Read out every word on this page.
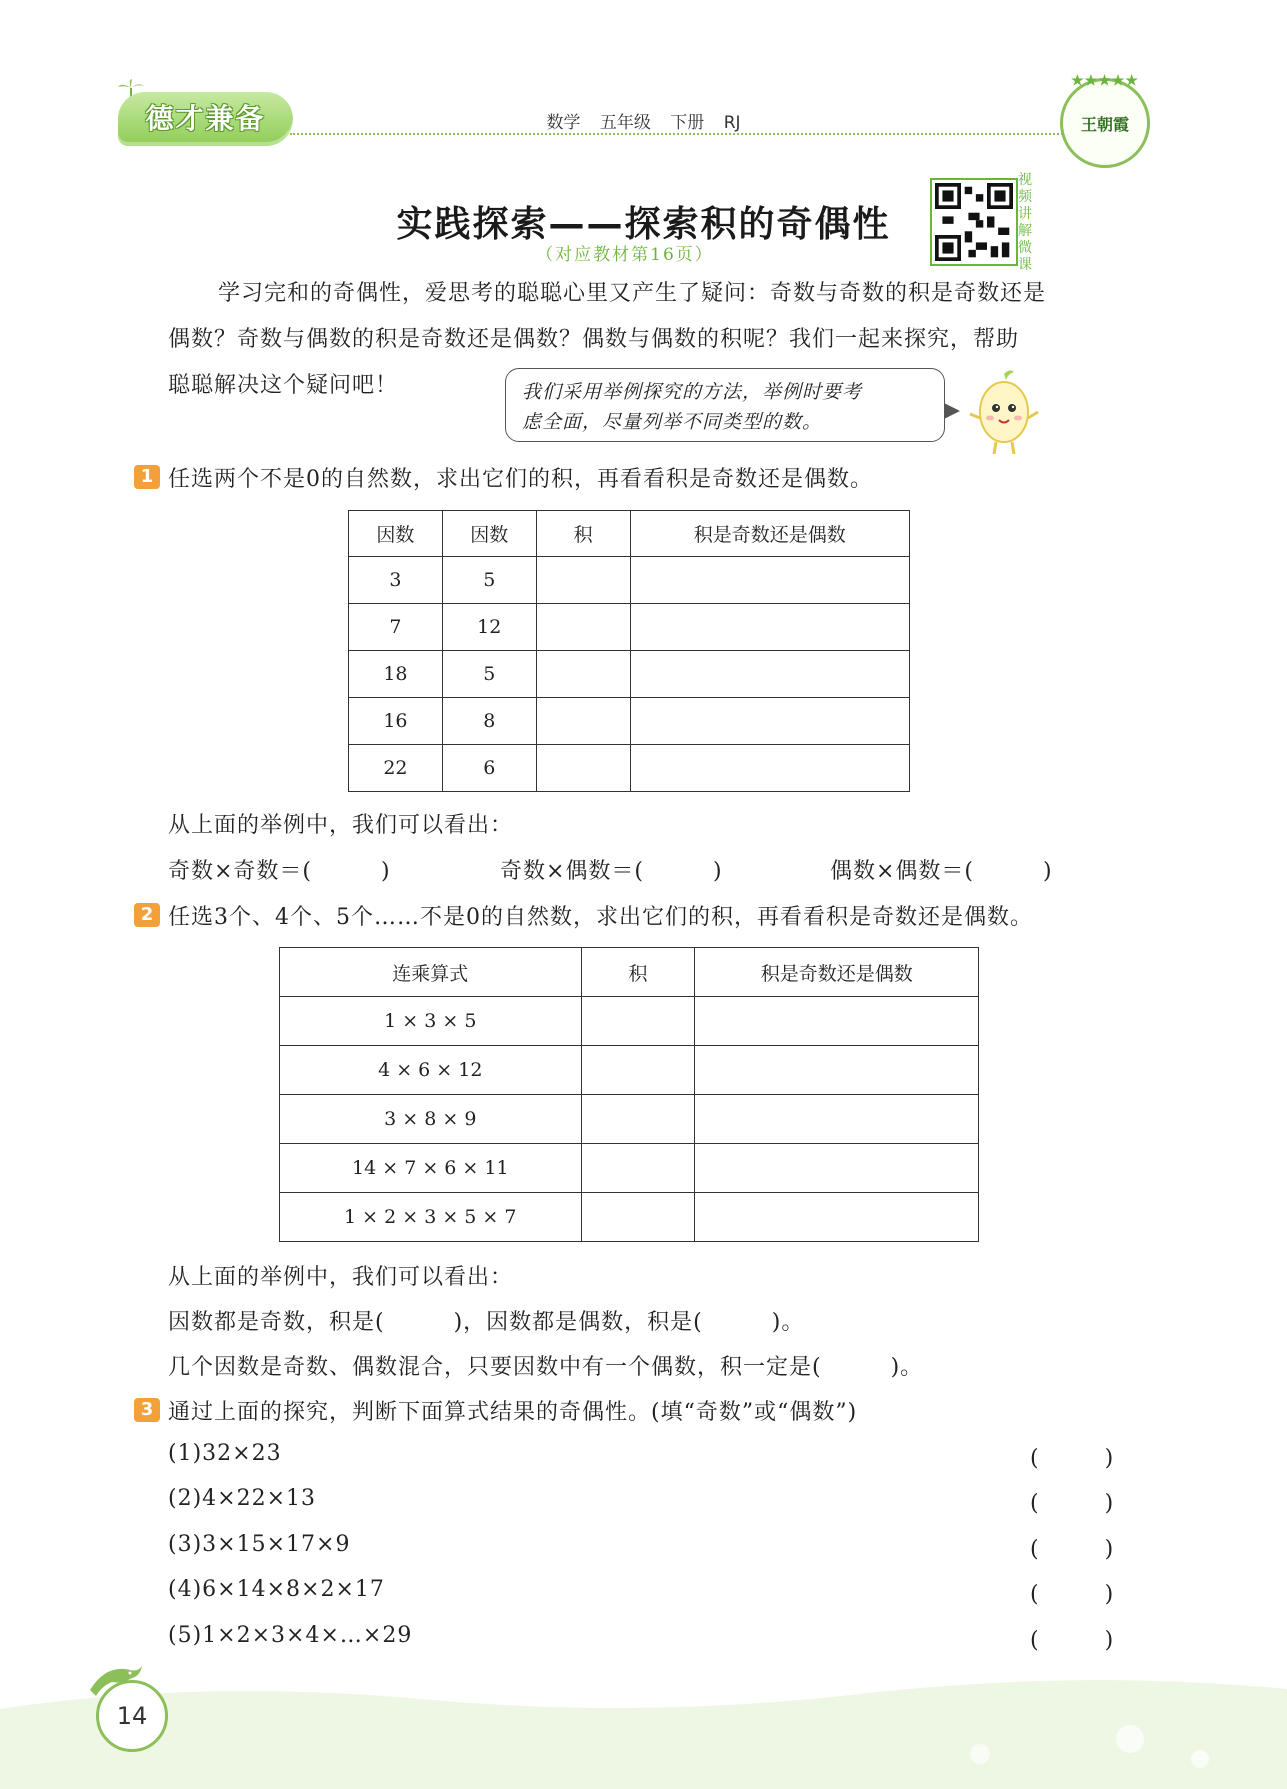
德才兼备	数学 五年级 下册 RJ
★★★★★
王朝霞
实践探索——探索积的奇偶性
（对应教材第16页）
视频讲解微课
学习完和的奇偶性，爱思考的聪聪心里又产生了疑问：奇数与奇数的积是奇数还是
偶数？奇数与偶数的积是奇数还是偶数？偶数与偶数的积呢？我们一起来探究，帮助
聪聪解决这个疑问吧！	我们采用举例探究的方法，举例时要考
虑全面，尽量列举不同类型的数。
1 任选两个不是0的自然数，求出它们的积，再看看积是奇数还是偶数。
因数	因数	积	积是奇数还是偶数
3	5		
7	12		
18	5		
16	8		
22	6		
从上面的举例中，我们可以看出：
奇数×奇数＝(　　　)	奇数×偶数＝(　　　)	偶数×偶数＝(　　　)
2 任选3个、4个、5个……不是0的自然数，求出它们的积，再看看积是奇数还是偶数。
连乘算式	积	积是奇数还是偶数
1 × 3 × 5		
4 × 6 × 12		
3 × 8 × 9		
14 × 7 × 6 × 11		
1 × 2 × 3 × 5 × 7		
从上面的举例中，我们可以看出：
因数都是奇数，积是(　　　)，因数都是偶数，积是(　　　)。
几个因数是奇数、偶数混合，只要因数中有一个偶数，积一定是(　　　)。
3 通过上面的探究，判断下面算式结果的奇偶性。(填“奇数”或“偶数”)
(1)32×23	(　　　)
(2)4×22×13	(　　　)
(3)3×15×17×9	(　　　)
(4)6×14×8×2×17	(　　　)
(5)1×2×3×4×…×29	(　　　)
14
